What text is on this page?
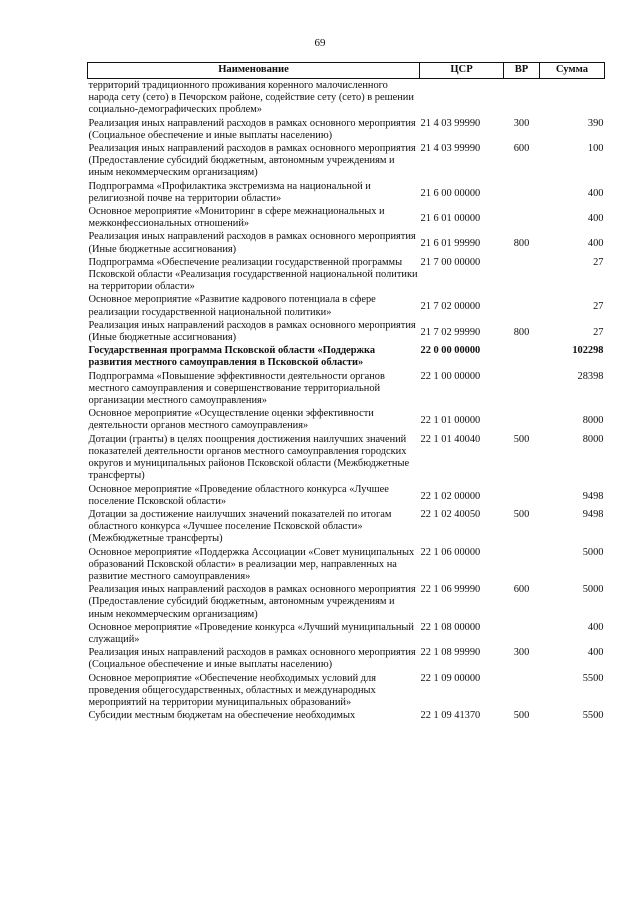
69
Наименование	ЦСР	ВР	Сумма
территорий традиционного проживания коренного малочисленного народа сету (сето) в Печорском районе, содействие сету (сето) в решении социально-демографических проблем»			
Реализация иных направлений расходов в рамках основного мероприятия (Социальное обеспечение и иные выплаты населению)	21 4 03 99990	300	390
Реализация иных направлений расходов в рамках основного мероприятия (Предоставление субсидий бюджетным, автономным учреждениям и иным некоммерческим организациям)	21 4 03 99990	600	100
Подпрограмма «Профилактика экстремизма на национальной и религиозной почве на территории области»	21 6 00 00000		400
Основное мероприятие «Мониторинг в сфере межнациональных и межконфессиональных отношений»	21 6 01 00000		400
Реализация иных направлений расходов в рамках основного мероприятия (Иные бюджетные ассигнования)	21 6 01 99990	800	400
Подпрограмма «Обеспечение реализации государственной программы Псковской области «Реализация государственной национальной политики на территории области»	21 7 00 00000		27
Основное мероприятие «Развитие кадрового потенциала в сфере реализации государственной национальной политики»	21 7 02 00000		27
Реализация иных направлений расходов в рамках основного мероприятия (Иные бюджетные ассигнования)	21 7 02 99990	800	27
Государственная программа Псковской области «Поддержка развития местного самоуправления в Псковской области»	22 0 00 00000		102298
Подпрограмма «Повышение эффективности деятельности органов местного самоуправления и совершенствование территориальной организации местного самоуправления»	22 1 00 00000		28398
Основное мероприятие «Осуществление оценки эффективности деятельности органов местного самоуправления»	22 1 01 00000		8000
Дотации (гранты) в целях поощрения достижения наилучших значений показателей деятельности органов местного самоуправления городских округов и муниципальных районов Псковской области (Межбюджетные трансферты)	22 1 01 40040	500	8000
Основное мероприятие «Проведение областного конкурса «Лучшее поселение Псковской области»	22 1 02 00000		9498
Дотации за достижение наилучших значений показателей по итогам областного конкурса «Лучшее поселение Псковской области» (Межбюджетные трансферты)	22 1 02 40050	500	9498
Основное мероприятие «Поддержка Ассоциации «Совет муниципальных образований Псковской области» в реализации мер, направленных на развитие местного самоуправления»	22 1 06 00000		5000
Реализация иных направлений расходов в рамках основного мероприятия (Предоставление субсидий бюджетным, автономным учреждениям и иным некоммерческим организациям)	22 1 06 99990	600	5000
Основное мероприятие «Проведение конкурса «Лучший муниципальный служащий»	22 1 08 00000		400
Реализация иных направлений расходов в рамках основного мероприятия (Социальное обеспечение и иные выплаты населению)	22 1 08 99990	300	400
Основное мероприятие «Обеспечение необходимых условий для проведения общегосударственных, областных и международных мероприятий на территории муниципальных образований»	22 1 09 00000		5500
Субсидии местным бюджетам на обеспечение необходимых	22 1 09 41370	500	5500
